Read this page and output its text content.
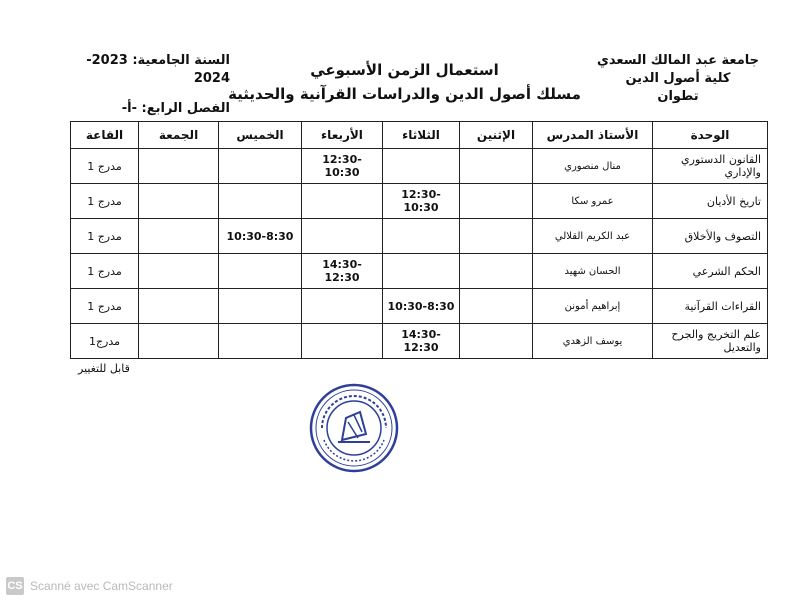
جامعة عبد المالك السعدي
كلية أصول الدين
تطوان
استعمال الزمن الأسبوعي
مسلك أصول الدين والدراسات القرآنية والحديثية
السنة الجامعية: 2023-2024
الفصل الرابع: -أ-
الوحدة	الأستاذ المدرس	الإثنين	الثلاثاء	الأربعاء	الخميس	الجمعة	القاعة
القانون الدستوري والإداري	منال منصوري			12:30-10:30			مدرج 1
تاريخ الأديان	عمرو سكا		12:30-10:30				مدرج 1
التصوف والأخلاق	عبد الكريم القلالي				10:30-8:30		مدرج 1
الحكم الشرعي	الحسان شهيد			14:30-12:30			مدرج 1
القراءات القرآنية	إبراهيم أمونن		10:30-8:30				مدرج 1
علم التخريج والجرح والتعديل	يوسف الزهدي		14:30-12:30				مدرج1
قابل للتغيير
CS Scanné avec CamScanner
